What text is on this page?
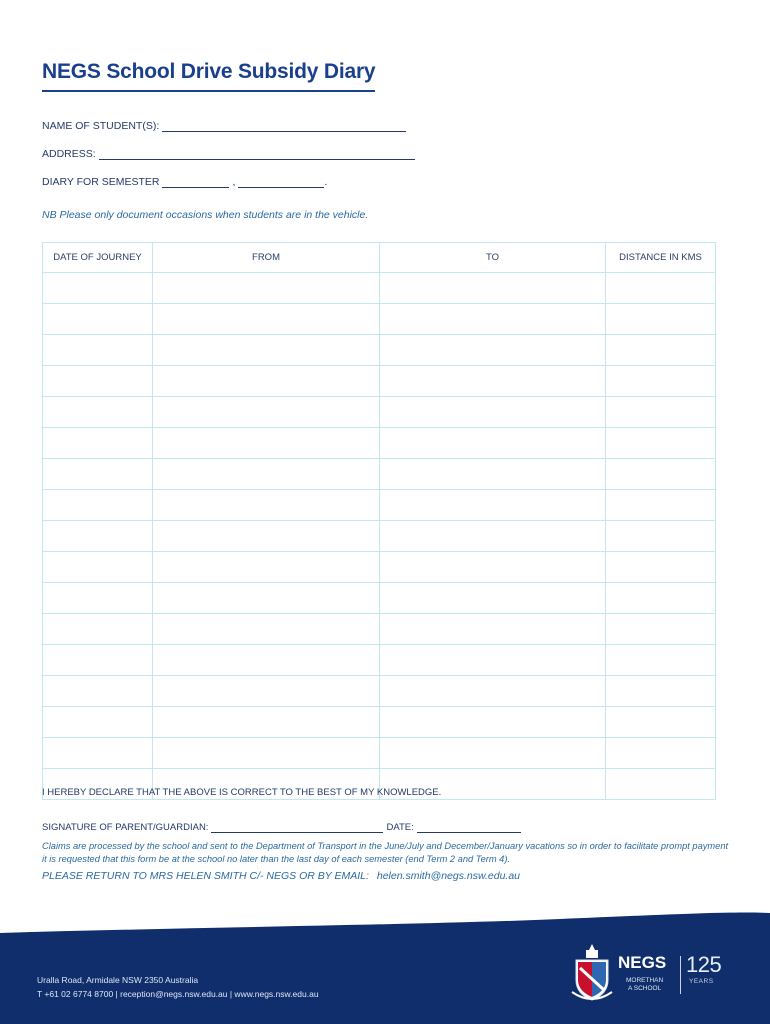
NEGS School Drive Subsidy Diary
NAME OF STUDENT(S):
ADDRESS:
DIARY FOR SEMESTER	,	.
NB Please only document occasions when students are in the vehicle.
DATE OF JOURNEY	FROM	TO	DISTANCE IN KMS

I HEREBY DECLARE THAT THE ABOVE IS CORRECT TO THE BEST OF MY KNOWLEDGE.
SIGNATURE OF PARENT/GUARDIAN:	DATE:

Claims are processed by the school and sent to the Department of Transport in the June/July and December/January vacations so in order to facilitate prompt payment it is requested that this form be at the school no later than the last day of each semester (end Term 2 and Term 4).

PLEASE RETURN TO MRS HELEN SMITH C/- NEGS OR BY EMAIL: helen.smith@negs.nsw.edu.au
Uralla Road, Armidale NSW 2350 Australia
T +61 02 6774 8700 | reception@negs.nsw.edu.au | www.negs.nsw.edu.au
NEGS
MORETHAN
A SCHOOL
125
YEARS
